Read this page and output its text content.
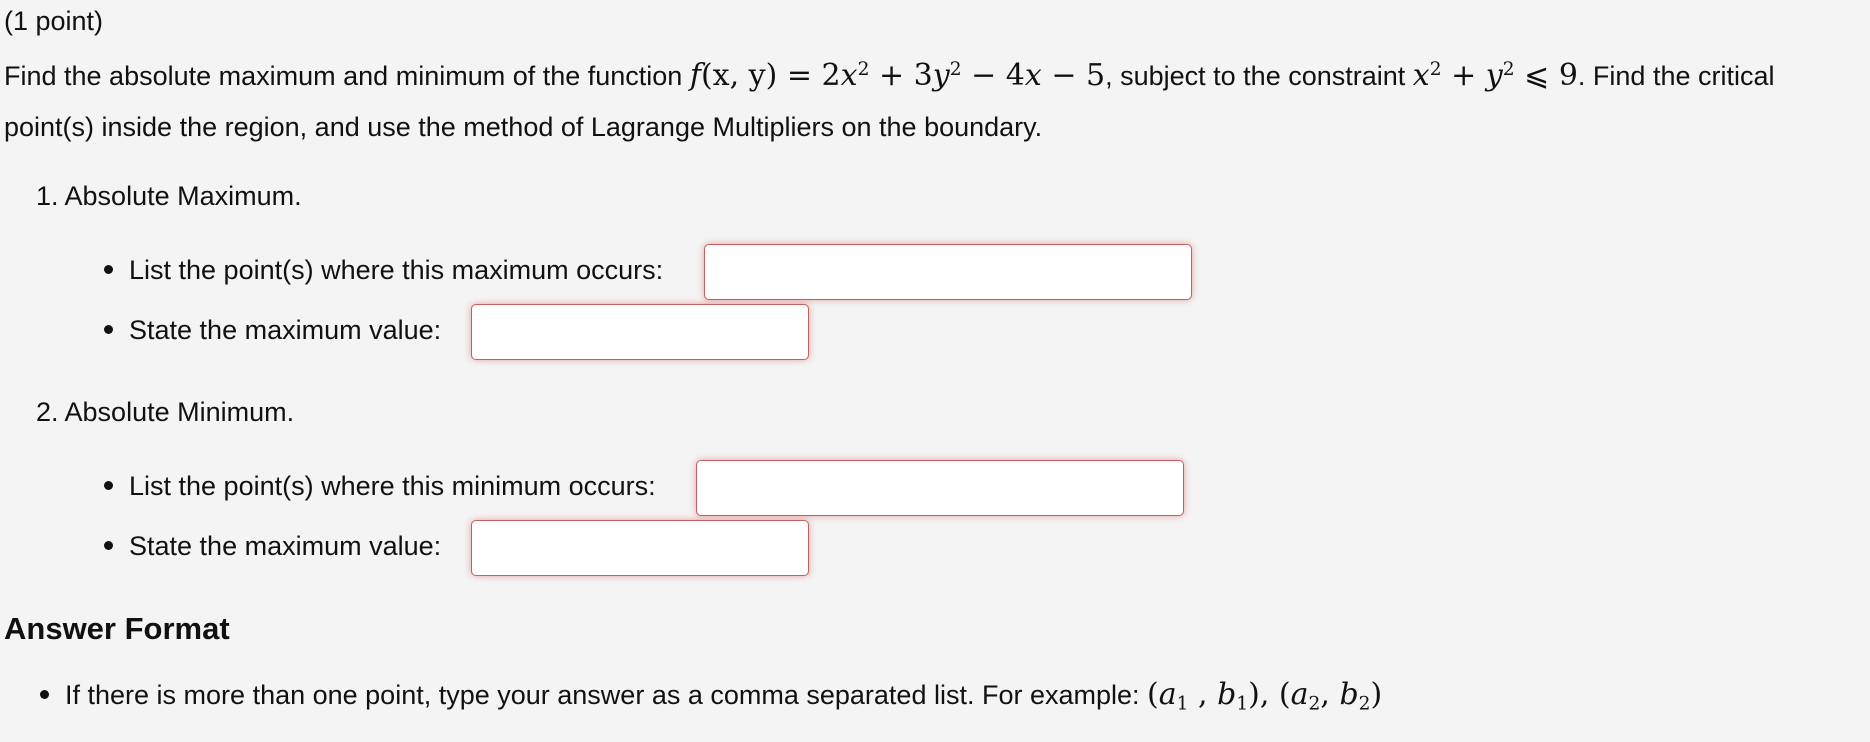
(1 point)
Find the absolute maximum and minimum of the function f(x, $y) = 2x^2 + 3y^2 - 4x - 5$, subject to the constraint $x^2 + y^2$ ⩽ 9. Find the critical
point(s) inside the region, and use the method of Lagrange Multipliers on the boundary.
1. Absolute Maximum.
List the point(s) where this maximum occurs:
State the maximum value:
2. Absolute Minimum.
List the point(s) where this minimum occurs:
State the maximum value:
Answer Format
If there is more than one point, type your answer as a comma separated list. For example: ($a_1$ , $b_1$), ($a_2$, $b_2$)
